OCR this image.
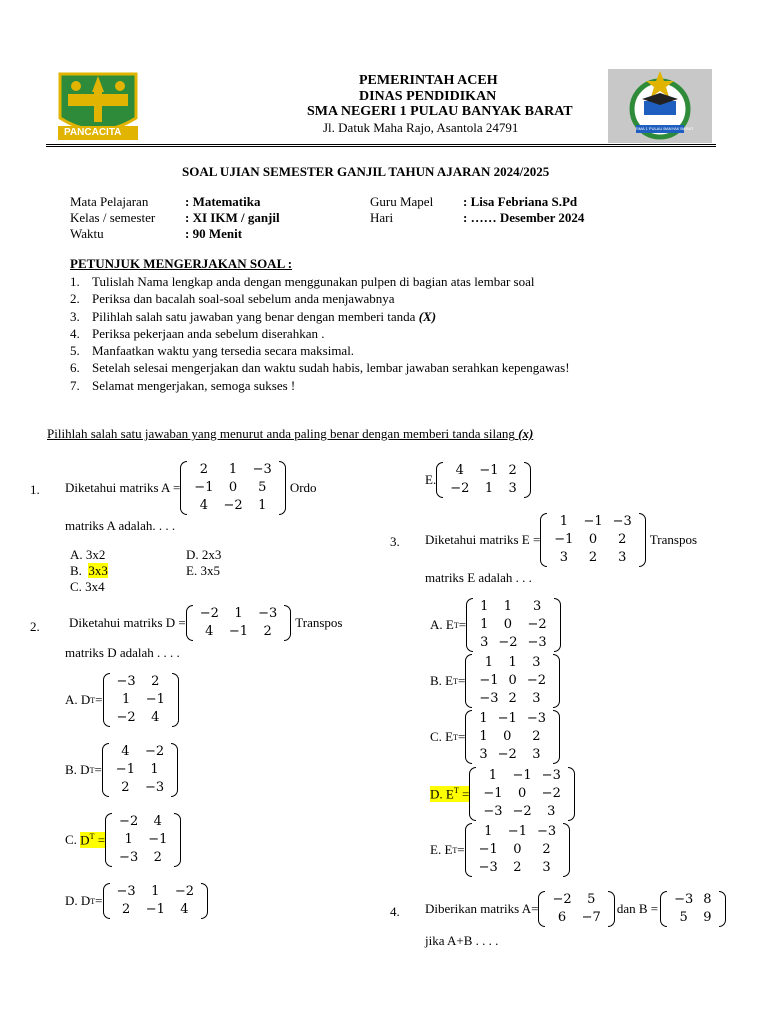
PANCACITA	SMA 1 PULAU BANYAK BARAT
PEMERINTAH ACEH
DINAS PENDIDIKAN
SMA NEGERI 1 PULAU BANYAK BARAT
Jl. Datuk Maha Rajo, Asantola 24791
SOAL UJIAN SEMESTER GANJIL TAHUN AJARAN 2024/2025
Mata Pelajaran	: Matematika
Kelas / semester : XI IKM / ganjil
Waktu	: 90 Menit
Guru Mapel : Lisa Febriana S.Pd
Hari	: …… Desember 2024
PETUNJUK MENGERJAKAN SOAL :
1. Tulislah Nama lengkap anda dengan menggunakan pulpen di bagian atas lembar soal
2. Periksa dan bacalah soal-soal sebelum anda menjawabnya
3. Pilihlah salah satu jawaban yang benar dengan memberi tanda (X)
4. Periksa pekerjaan anda sebelum diserahkan .
5. Manfaatkan waktu yang tersedia secara maksimal.
6. Setelah selesai mengerjakan dan waktu sudah habis, lembar jawaban serahkan kepengawas!
7. Selamat mengerjakan, semoga sukses !
Pilihlah salah satu jawaban yang menurut anda paling benar dengan memberi tanda silang (x)
1. Diketahui matriks A =
2	1	−3
−1	0	5
4	−2	1
Ordo
matriks A adalah. . . .
A. 3x2
B. 3x3
C. 3x4
D. 2x3
E. 3x5
2. Diketahui matriks D =
−2	1	−3
4	−1	2
Transpos
matriks D adalah . . . .
A. D T =
−3	2
1	−1
−2	4
B. D T =
4	−2
−1	1
2	−3
C.
$D^T$ =
−2	4
1	−1
−3	2
D. D T =
−3	1	−2
2	−1	4
E.
4	−1	2
−2	1	3
3. Diketahui matriks E =
1	−1	−3
−1	0	2
3	2	3
Transpos
matriks E adalah . . .
A. E T =
1	1	3
1	0	−2
3	−2	−3
B. E T =
1	1	3
−1	0	−2
−3	2	3
C. E T =
1	−1	−3
1	0	2
3	−2	3
D. $E^T$ =
1	−1	−3
−1	0	−2
−3	−2	3
E. E T =
1	−1	−3
−1	0	2
−3	2	3
4. Diberikan matriks A=
−2	5
6	−7
dan B =
−3	8
5	9
jika A+B . . . .
